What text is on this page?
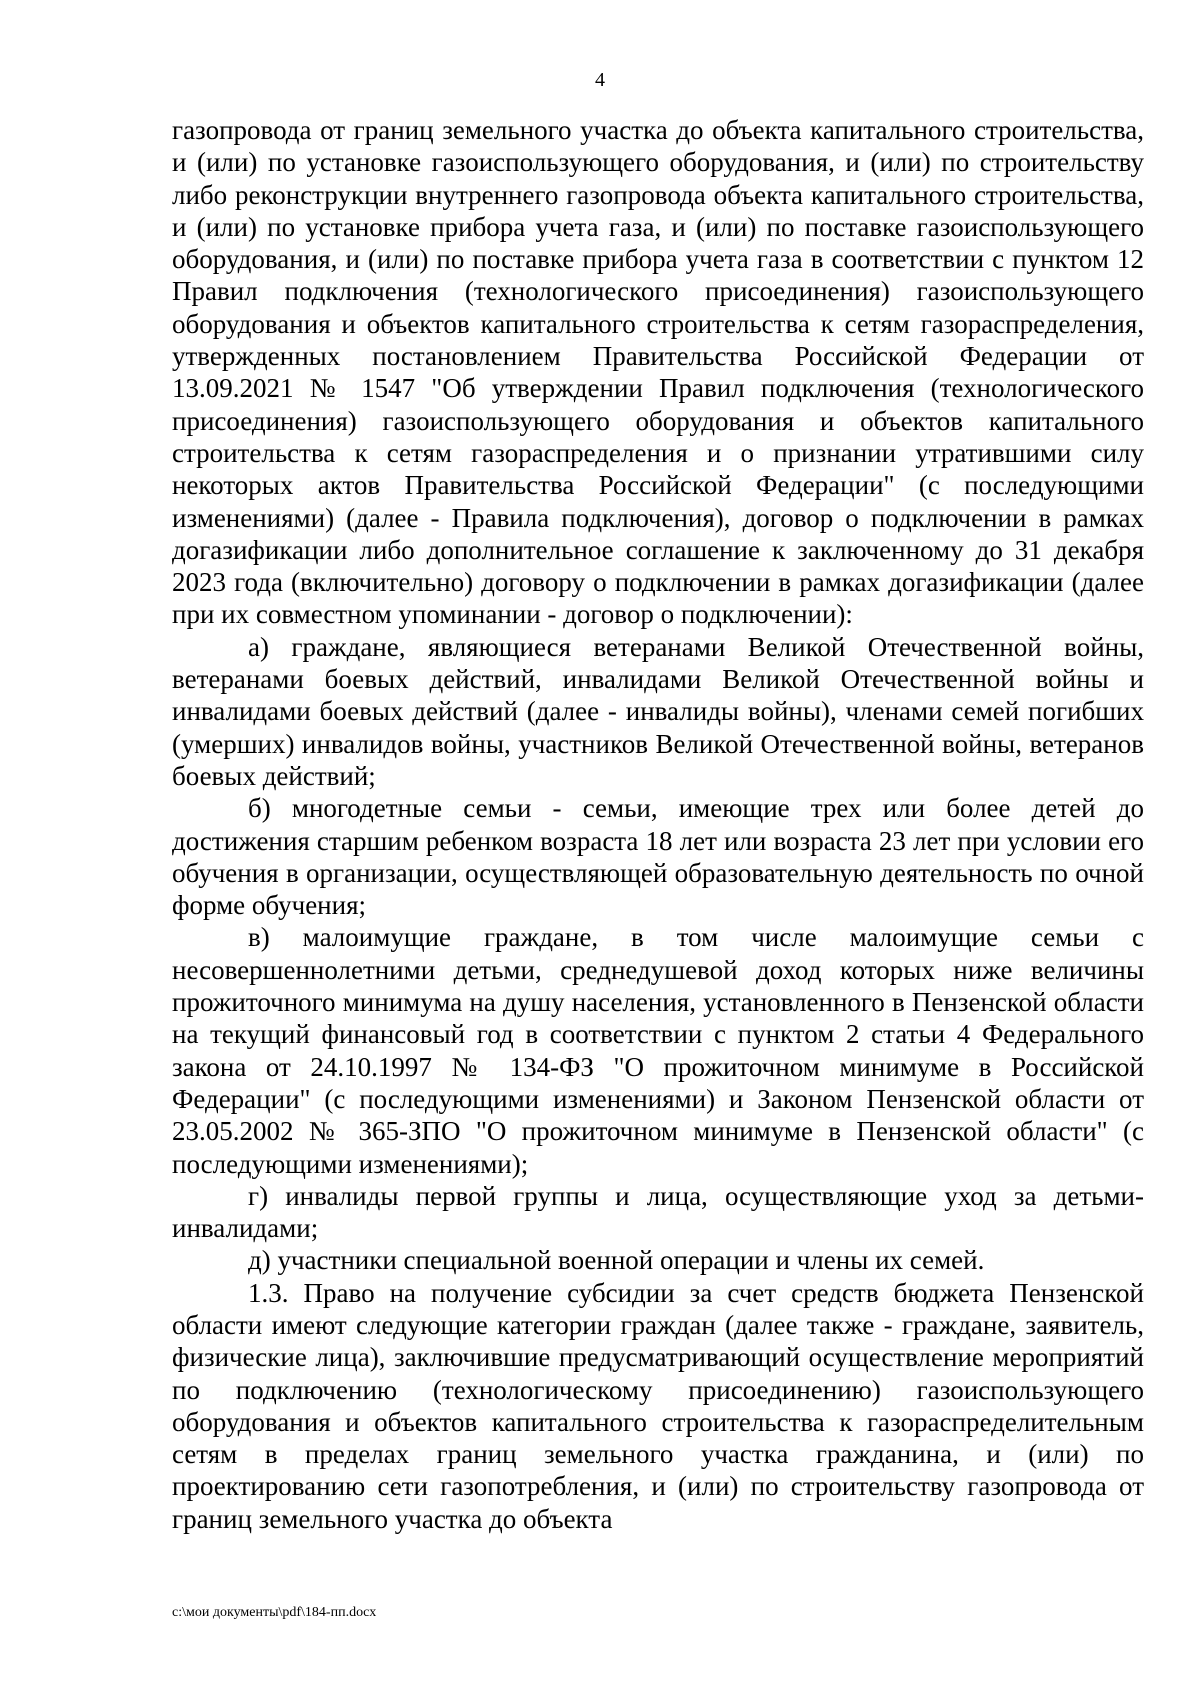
4

газопровода от границ земельного участка до объекта капитального строительства, и (или) по установке газоиспользующего оборудования, и (или) по строительству либо реконструкции внутреннего газопровода объекта капитального строительства, и (или) по установке прибора учета газа, и (или) по поставке газоиспользующего оборудования, и (или) по поставке прибора учета газа в соответствии с пунктом 12 Правил подключения (технологического присоединения) газоиспользующего оборудования и объектов капитального строительства к сетям газораспределения, утвержденных постановлением Правительства Российской Федерации от 13.09.2021 № 1547 "Об утверждении Правил подключения (технологического присоединения) газоиспользующего оборудования и объектов капитального строительства к сетям газораспределения и о признании утратившими силу некоторых актов Правительства Российской Федерации" (с последующими изменениями) (далее - Правила подключения), договор о подключении в рамках догазификации либо дополнительное соглашение к заключенному до 31 декабря 2023 года (включительно) договору о подключении в рамках догазификации (далее при их совместном упоминании - договор о подключении):

а) граждане, являющиеся ветеранами Великой Отечественной войны, ветеранами боевых действий, инвалидами Великой Отечественной войны и инвалидами боевых действий (далее - инвалиды войны), членами семей погибших (умерших) инвалидов войны, участников Великой Отечественной войны, ветеранов боевых действий;

б) многодетные семьи - семьи, имеющие трех или более детей до достижения старшим ребенком возраста 18 лет или возраста 23 лет при условии его обучения в организации, осуществляющей образовательную деятельность по очной форме обучения;

в) малоимущие граждане, в том числе малоимущие семьи с несовершеннолетними детьми, среднедушевой доход которых ниже величины прожиточного минимума на душу населения, установленного в Пензенской области на текущий финансовый год в соответствии с пунктом 2 статьи 4 Федерального закона от 24.10.1997 № 134-ФЗ "О прожиточном минимуме в Российской Федерации" (с последующими изменениями) и Законом Пензенской области от 23.05.2002 № 365-ЗПО "О прожиточном минимуме в Пензенской области" (с последующими изменениями);

г) инвалиды первой группы и лица, осуществляющие уход за детьми-инвалидами;

д) участники специальной военной операции и члены их семей.

1.3. Право на получение субсидии за счет средств бюджета Пензенской области имеют следующие категории граждан (далее также - граждане, заявитель, физические лица), заключившие предусматривающий осуществление мероприятий по подключению (технологическому присоединению) газоиспользующего оборудования и объектов капитального строительства к газораспределительным сетям в пределах границ земельного участка гражданина, и (или) по проектированию сети газопотребления, и (или) по строительству газопровода от границ земельного участка до объекта

c:\мои документы\pdf\184-пп.docx
